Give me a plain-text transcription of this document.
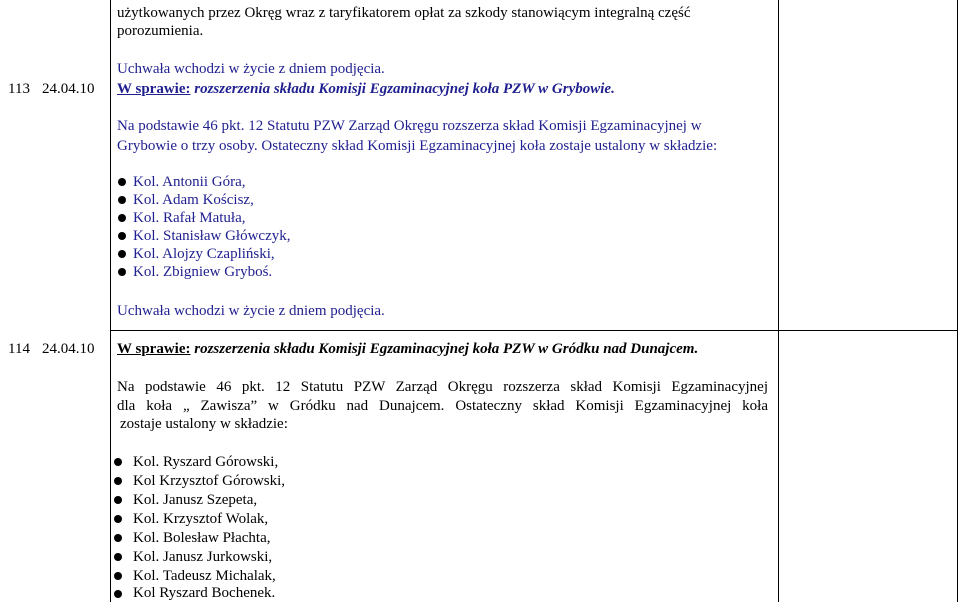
użytkowanych przez Okręg wraz z taryfikatorem opłat za szkody stanowiącym integralną część
porozumienia.
Uchwała wchodzi w życie z dniem podjęcia.
113 24.04.10 W sprawie: rozszerzenia składu Komisji Egzaminacyjnej koła PZW w Grybowie.
Na podstawie 46 pkt. 12 Statutu PZW Zarząd Okręgu rozszerza skład Komisji Egzaminacyjnej w
Grybowie o trzy osoby. Ostateczny skład Komisji Egzaminacyjnej koła zostaje ustalony w składzie:
Kol. Antonii Góra,
Kol. Adam Kościsz,
Kol. Rafał Matuła,
Kol. Stanisław Główczyk,
Kol. Alojzy Czapliński,
Kol. Zbigniew Gryboś.
Uchwała wchodzi w życie z dniem podjęcia.
114 24.04.10 W sprawie: rozszerzenia składu Komisji Egzaminacyjnej koła PZW w Gródku nad Dunajcem.
Na podstawie 46 pkt. 12 Statutu PZW Zarząd Okręgu rozszerza skład Komisji Egzaminacyjnej
dla koła „ Zawisza” w Gródku nad Dunajcem. Ostateczny skład Komisji Egzaminacyjnej koła
zostaje ustalony w składzie:
Kol. Ryszard Górowski,
Kol Krzysztof Górowski,
Kol. Janusz Szepeta,
Kol. Krzysztof Wolak,
Kol. Bolesław Płachta,
Kol. Janusz Jurkowski,
Kol. Tadeusz Michalak,
Kol Ryszard Bochenek.
